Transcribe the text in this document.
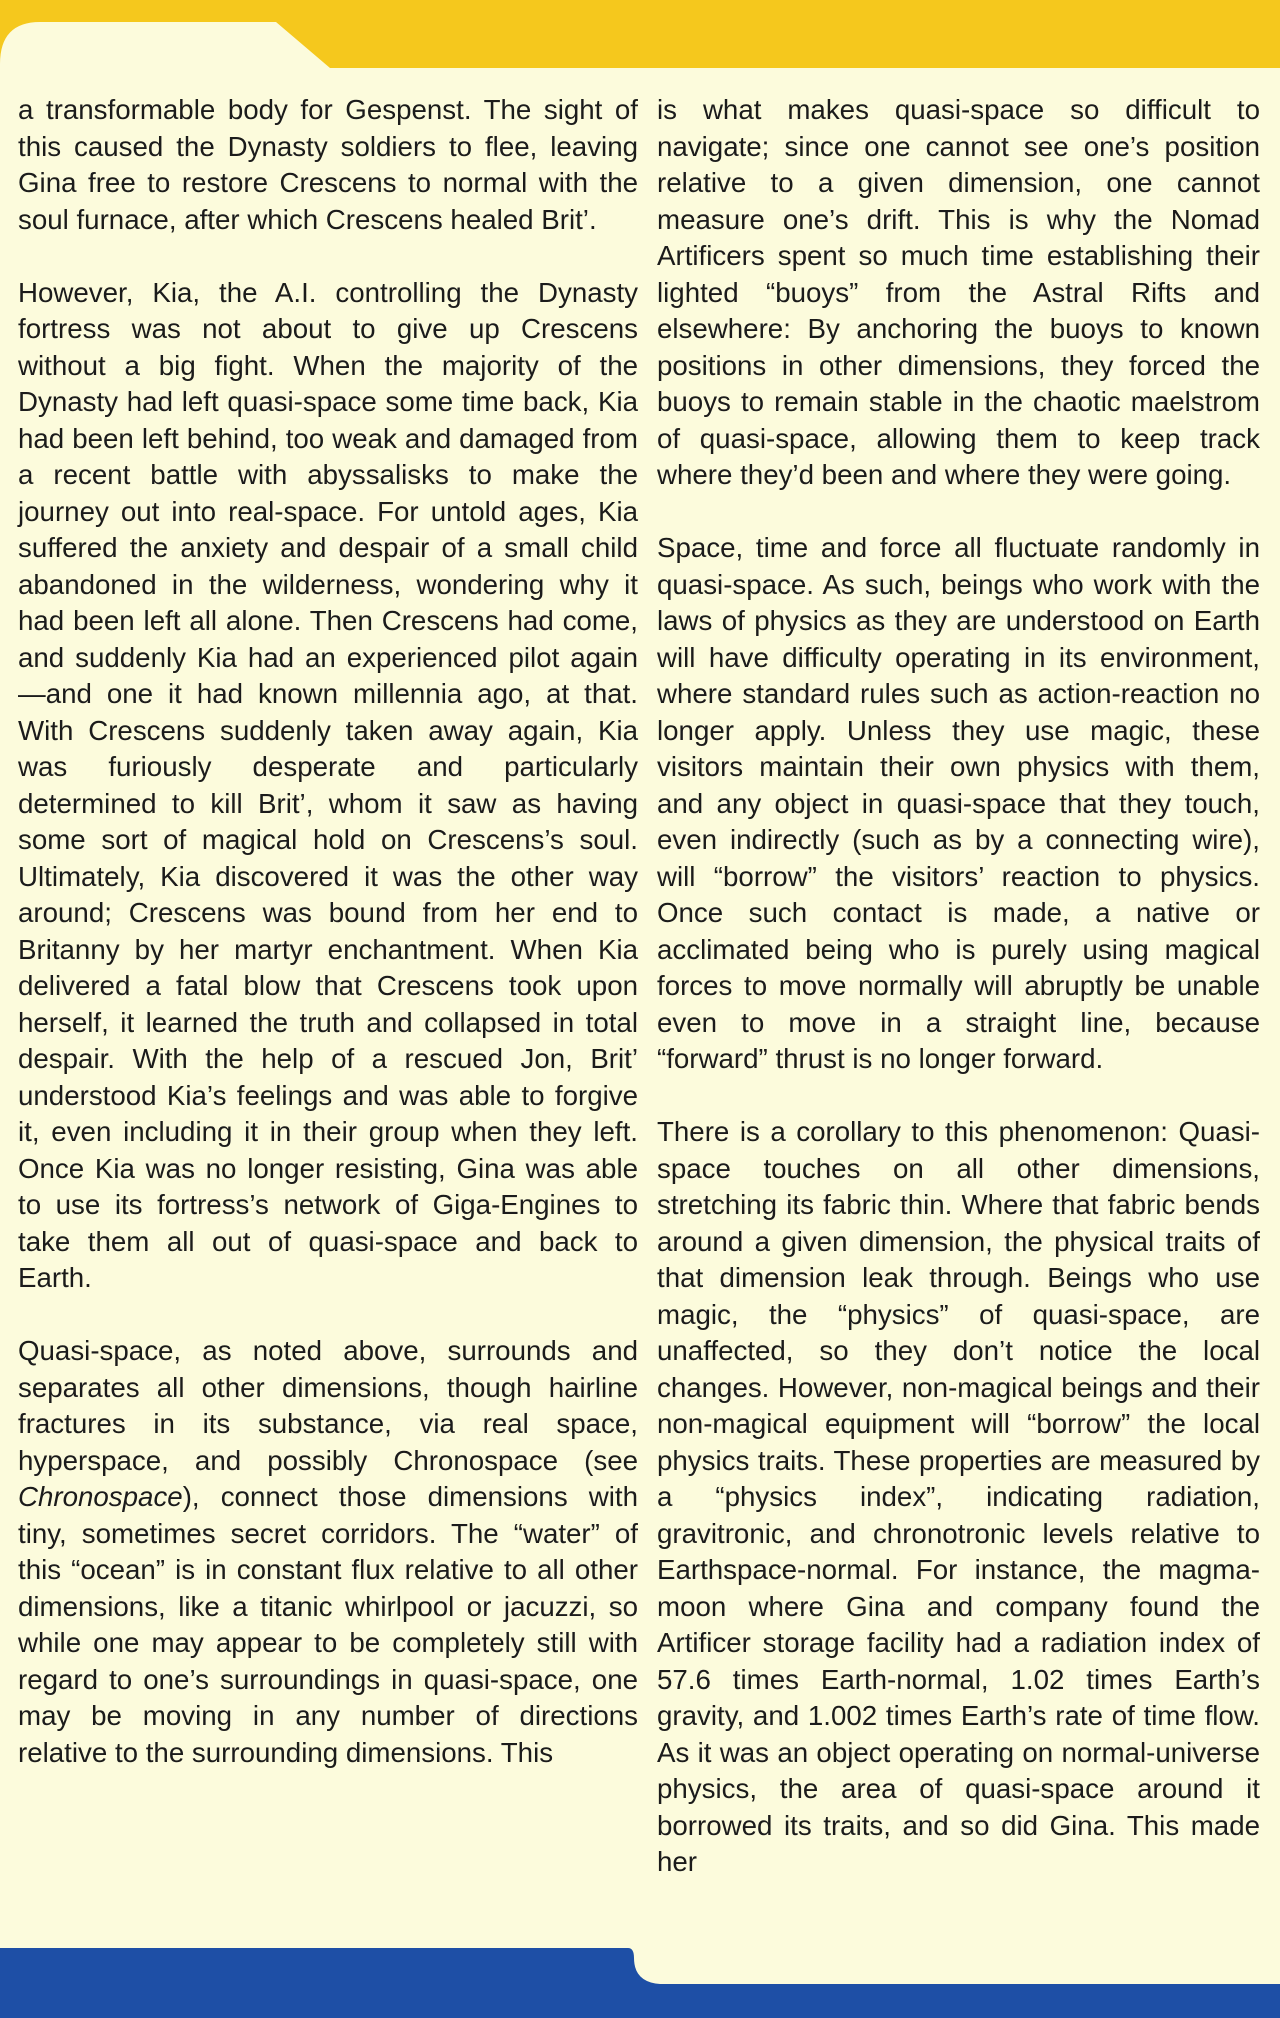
a transformable body for Gespenst. The sight of this caused the Dynasty soldiers to flee, leaving Gina free to restore Crescens to normal with the soul furnace, after which Crescens healed Brit’.

However, Kia, the A.I. controlling the Dynasty fortress was not about to give up Crescens without a big fight. When the majority of the Dynasty had left quasi-space some time back, Kia had been left behind, too weak and damaged from a recent battle with abyssalisks to make the journey out into real-space. For untold ages, Kia suffered the anxiety and despair of a small child abandoned in the wilderness, wondering why it had been left all alone. Then Crescens had come, and suddenly Kia had an experienced pilot again—and one it had known millennia ago, at that. With Crescens suddenly taken away again, Kia was furiously desperate and particularly determined to kill Brit’, whom it saw as having some sort of magical hold on Crescens’s soul. Ultimately, Kia discovered it was the other way around; Crescens was bound from her end to Britanny by her martyr enchantment. When Kia delivered a fatal blow that Crescens took upon herself, it learned the truth and collapsed in total despair. With the help of a rescued Jon, Brit’ understood Kia’s feelings and was able to forgive it, even including it in their group when they left. Once Kia was no longer resisting, Gina was able to use its fortress’s network of Giga-Engines to take them all out of quasi-space and back to Earth.

Quasi-space, as noted above, surrounds and separates all other dimensions, though hairline fractures in its substance, via real space, hyperspace, and possibly Chronospace (see Chronospace), connect those dimensions with tiny, sometimes secret corridors. The “water” of this “ocean” is in constant flux relative to all other dimensions, like a titanic whirlpool or jacuzzi, so while one may appear to be completely still with regard to one’s surroundings in quasi-space, one may be moving in any number of directions relative to the surrounding dimensions. This

is what makes quasi-space so difficult to navigate; since one cannot see one’s position relative to a given dimension, one cannot measure one’s drift. This is why the Nomad Artificers spent so much time establishing their lighted “buoys” from the Astral Rifts and elsewhere: By anchoring the buoys to known positions in other dimensions, they forced the buoys to remain stable in the chaotic maelstrom of quasi-space, allowing them to keep track where they’d been and where they were going.

Space, time and force all fluctuate randomly in quasi-space. As such, beings who work with the laws of physics as they are understood on Earth will have difficulty operating in its environment, where standard rules such as action-reaction no longer apply. Unless they use magic, these visitors maintain their own physics with them, and any object in quasi-space that they touch, even indirectly (such as by a connecting wire), will “borrow” the visitors’ reaction to physics. Once such contact is made, a native or acclimated being who is purely using magical forces to move normally will abruptly be unable even to move in a straight line, because “forward” thrust is no longer forward.

There is a corollary to this phenomenon: Quasi-space touches on all other dimensions, stretching its fabric thin. Where that fabric bends around a given dimension, the physical traits of that dimension leak through. Beings who use magic, the “physics” of quasi-space, are unaffected, so they don’t notice the local changes. However, non-magical beings and their non-magical equipment will “borrow” the local physics traits. These properties are measured by a “physics index”, indicating radiation, gravitronic, and chronotronic levels relative to Earthspace-normal. For instance, the magma-moon where Gina and company found the Artificer storage facility had a radiation index of 57.6 times Earth-normal, 1.02 times Earth’s gravity, and 1.002 times Earth’s rate of time flow. As it was an object operating on normal-universe physics, the area of quasi-space around it borrowed its traits, and so did Gina. This made her
